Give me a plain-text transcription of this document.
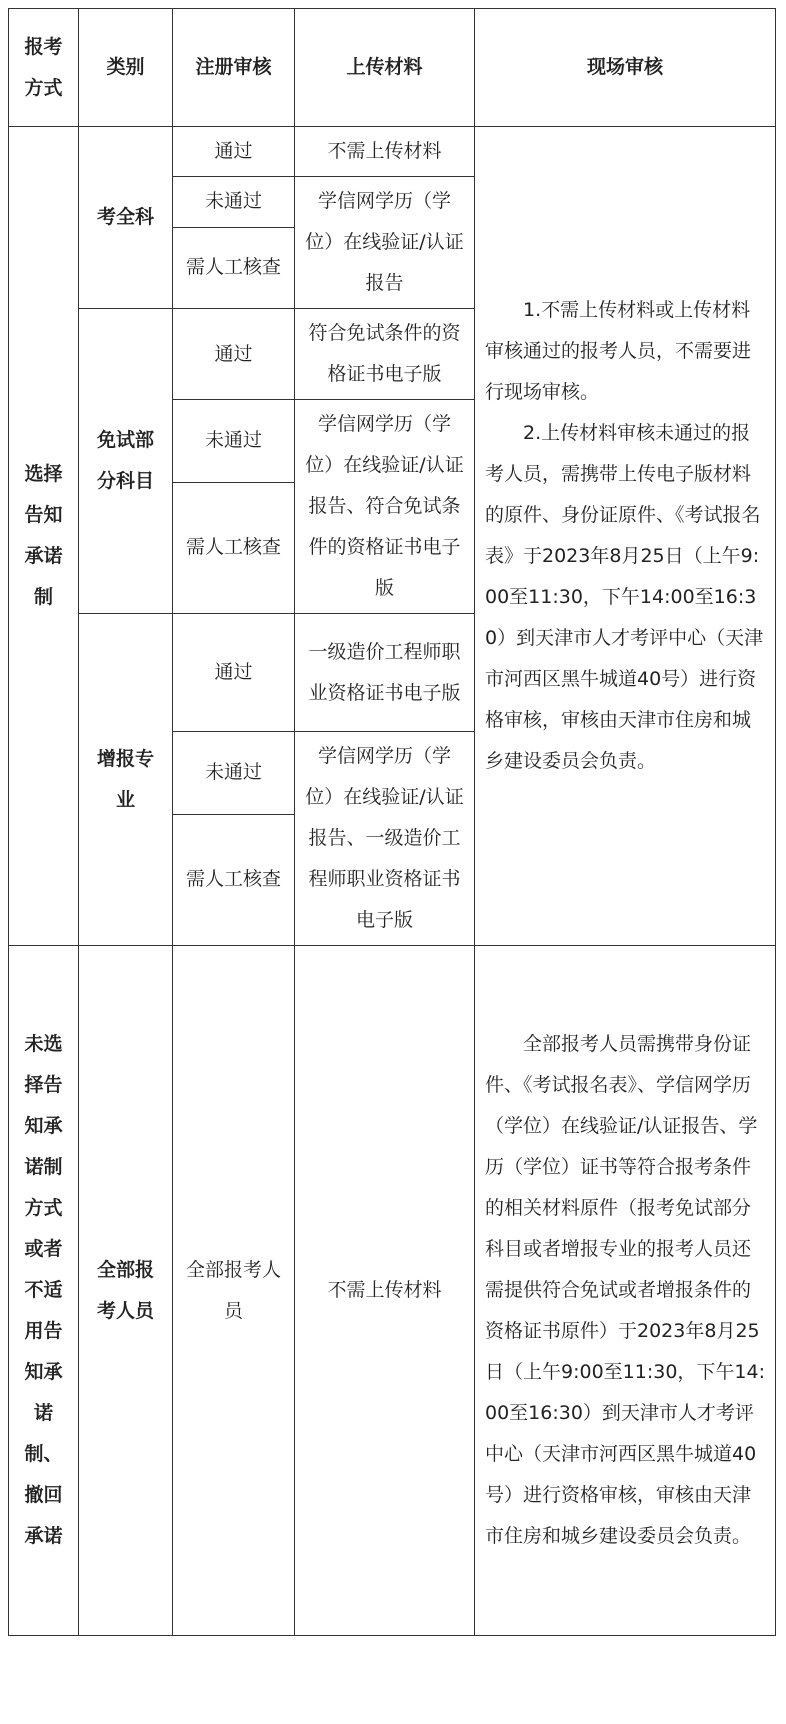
报考方式	类别	注册审核	上传材料	现场审核
选择告知承诺制	考全科	通过	不需上传材料	1.不需上传材料或上传材料审核通过的报考人员，不需要进行现场审核。
2.上传材料审核未通过的报考人员，需携带上传电子版材料的原件、身份证原件、《考试报名表》于2023年8月25日（上午9:00至11:30，下午14:00至16:30）到天津市人才考评中心（天津市河西区黑牛城道40号）进行资格审核，审核由天津市住房和城乡建设委员会负责。

		未通过	学信网学历（学位）在线验证/认证报告	
		需人工核查		
	免试部分科目	通过	符合免试条件的资格证书电子版	
		未通过	学信网学历（学位）在线验证/认证报告、符合免试条件的资格证书电子版	
		需人工核查		
	增报专业	通过	一级造价工程师职业资格证书电子版	
		未通过	学信网学历（学位）在线验证/认证报告、一级造价工程师职业资格证书电子版	
		需人工核查		
未选择告知承诺制方式或者不适用告知承诺制、撤回承诺	全部报考人员	全部报考人员	不需上传材料	全部报考人员需携带身份证件、《考试报名表》、学信网学历（学位）在线验证/认证报告、学历（学位）证书等符合报考条件的相关材料原件（报考免试部分科目或者增报专业的报考人员还需提供符合免试或者增报条件的资格证书原件）于2023年8月25日（上午9:00至11:30，下午14:00至16:30）到天津市人才考评中心（天津市河西区黑牛城道40号）进行资格审核，审核由天津市住房和城乡建设委员会负责。
